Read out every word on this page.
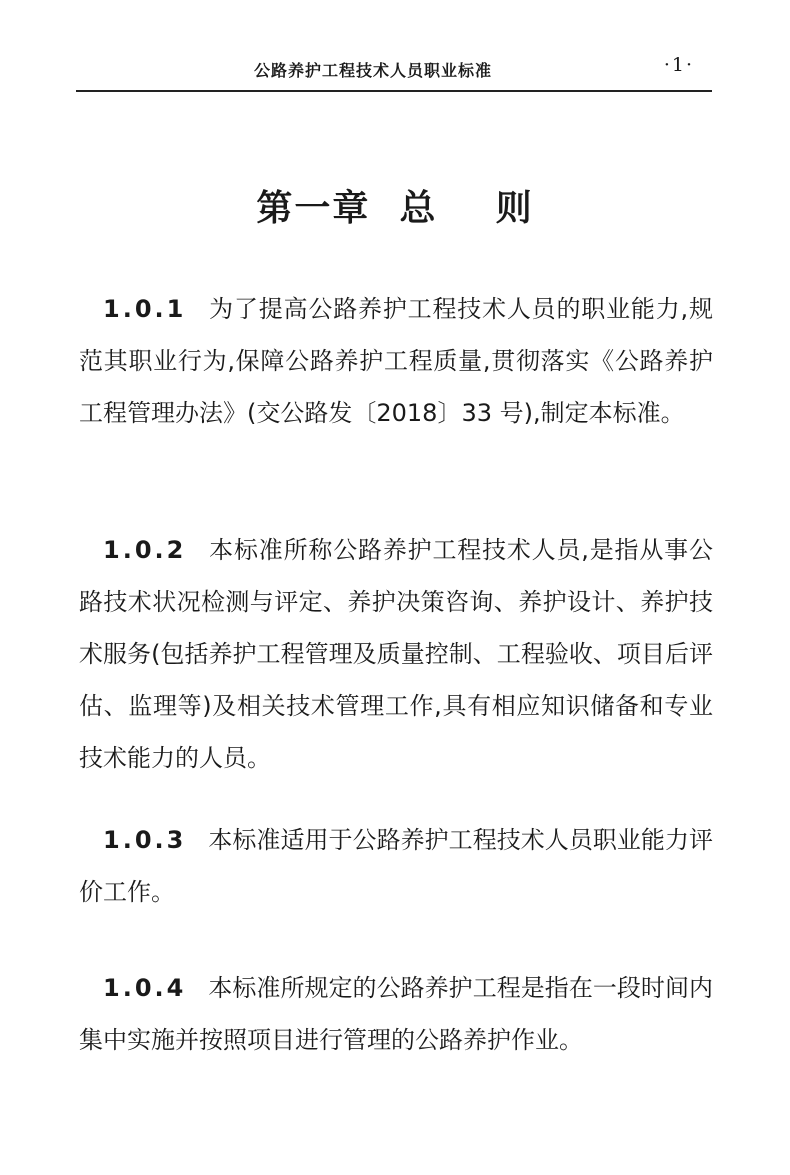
公路养护工程技术人员职业标准	·1·
第一章  总    则
1.0.1 为了提高公路养护工程技术人员的职业能力,规范其职业行为,保障公路养护工程质量,贯彻落实《公路养护工程管理办法》(交公路发〔2018〕33 号),制定本标准。
1.0.2 本标准所称公路养护工程技术人员,是指从事公路技术状况检测与评定、养护决策咨询、养护设计、养护技术服务(包括养护工程管理及质量控制、工程验收、项目后评估、监理等)及相关技术管理工作,具有相应知识储备和专业技术能力的人员。
1.0.3 本标准适用于公路养护工程技术人员职业能力评价工作。
1.0.4 本标准所规定的公路养护工程是指在一段时间内集中实施并按照项目进行管理的公路养护作业。
